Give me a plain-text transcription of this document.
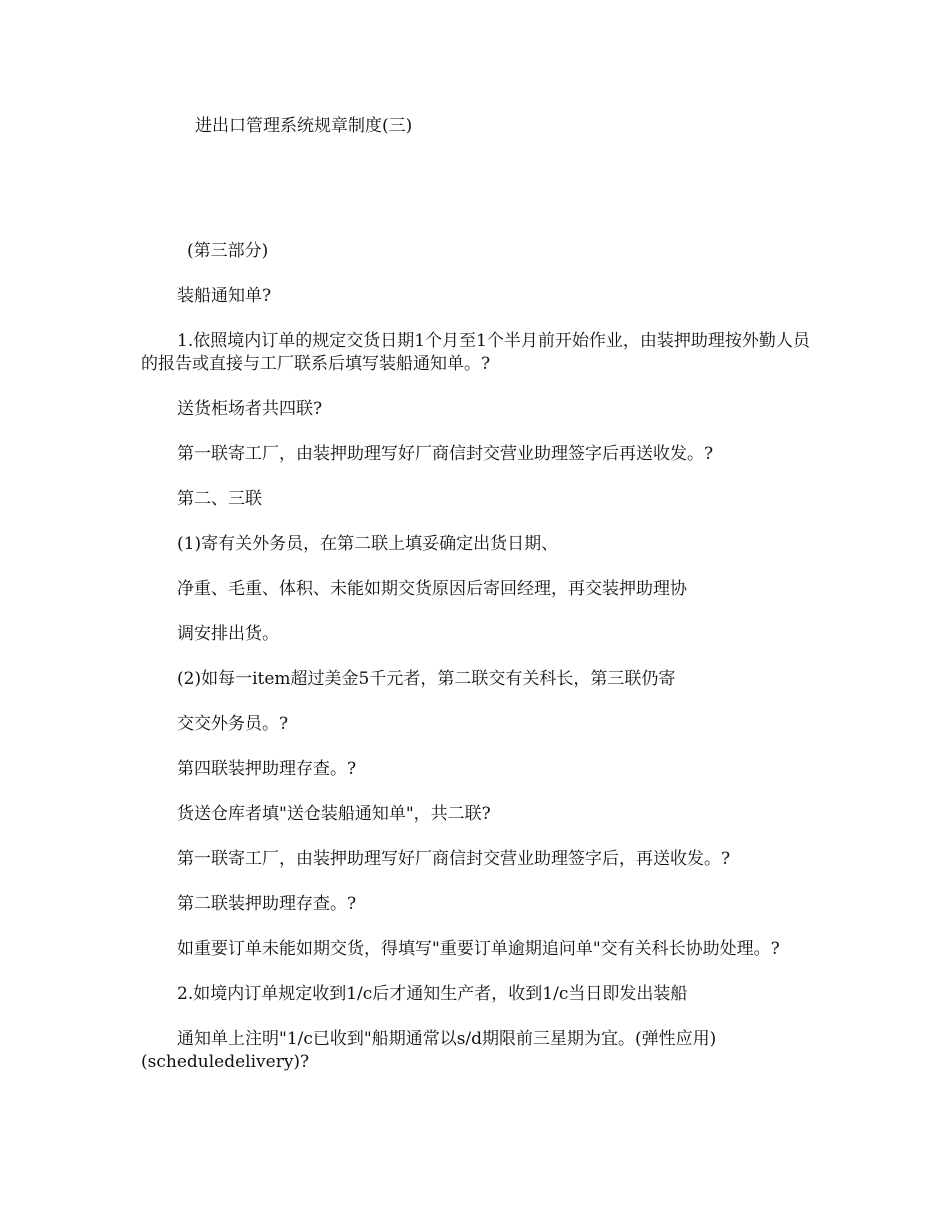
进出口管理系统规章制度(三)

(第三部分)

装船通知单?

1.依照境内订单的规定交货日期1个月至1个半月前开始作业，由装押助理按外勤人员的报告或直接与工厂联系后填写装船通知单。?

送货柜场者共四联?

第一联寄工厂，由装押助理写好厂商信封交营业助理签字后再送收发。?

第二、三联

(1)寄有关外务员，在第二联上填妥确定出货日期、

净重、毛重、体积、未能如期交货原因后寄回经理，再交装押助理协

调安排出货。

(2)如每一item超过美金5千元者，第二联交有关科长，第三联仍寄

交交外务员。?

第四联装押助理存查。?

货送仓库者填"送仓装船通知单"，共二联?

第一联寄工厂，由装押助理写好厂商信封交营业助理签字后，再送收发。?

第二联装押助理存查。?

如重要订单未能如期交货，得填写"重要订单逾期追问单"交有关科长协助处理。?

2.如境内订单规定收到1/c后才通知生产者，收到1/c当日即发出装船

通知单上注明"1/c已收到"船期通常以s/d期限前三星期为宜。(弹性应用)(scheduledelivery)?
